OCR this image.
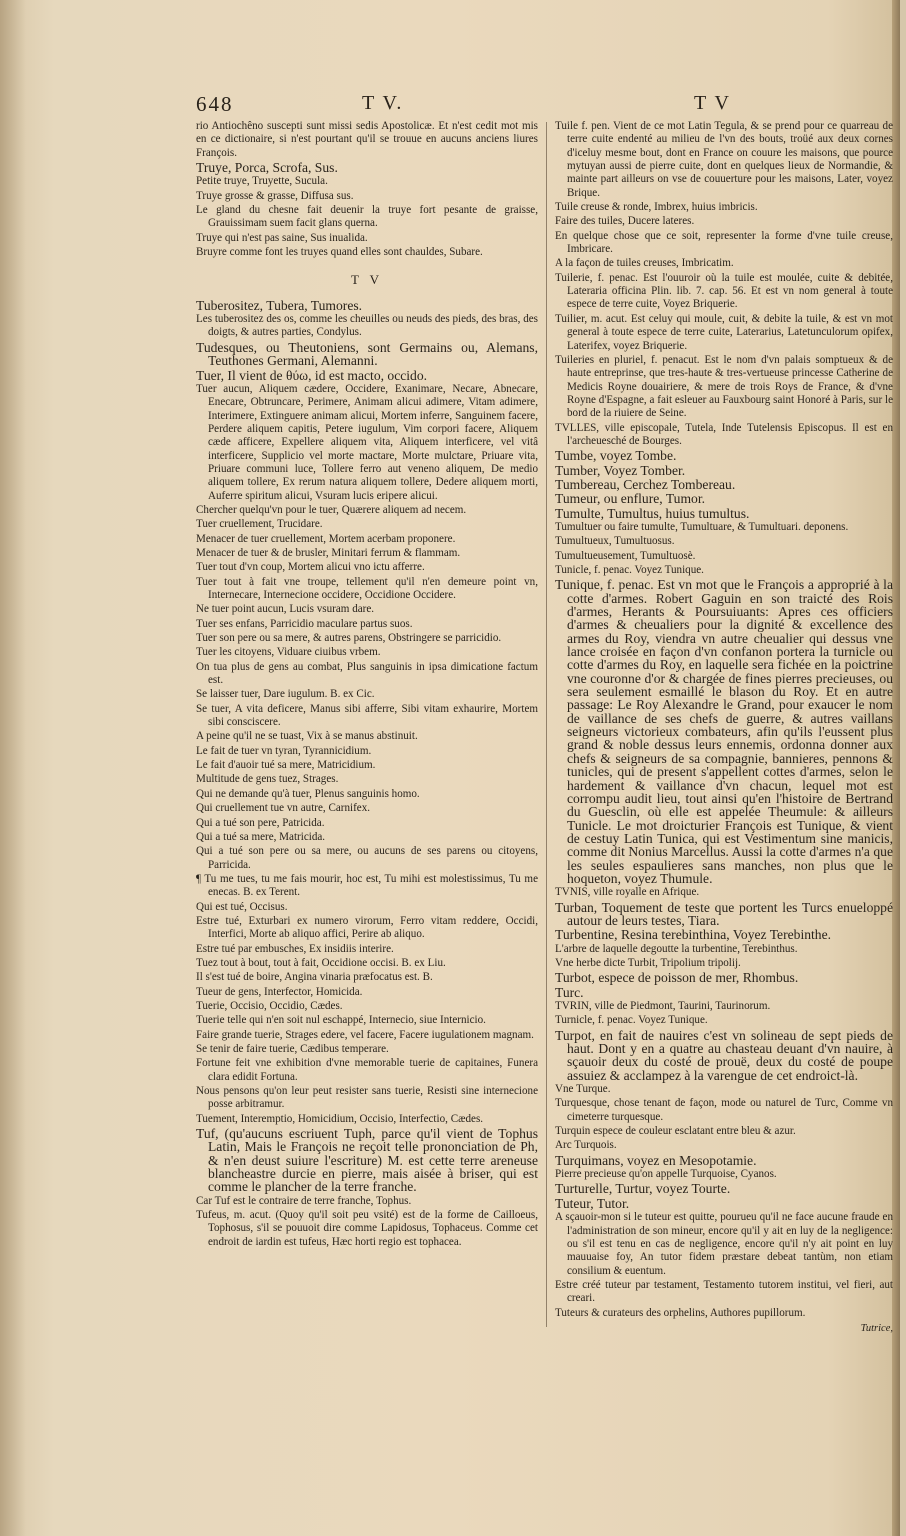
648	T V.	T V

rio Antiochêno suscepti sunt missi sedis Apostolicæ. Et n'est cedit mot mis en ce dictionaire, si n'est pourtant qu'il se trouue en aucuns anciens liures François.

Truye, Porca, Scrofa, Sus.

Petite truye, Truyette, Sucula.

Truye grosse & grasse, Diffusa sus.

Le gland du chesne fait deuenir la truye fort pesante de graisse, Grauissimam suem facit glans querna.

Truye qui n'est pas saine, Sus inualida.

Bruyre comme font les truyes quand elles sont chauldes, Subare.

T V

Tuberositez, Tubera, Tumores.

Les tuberositez des os, comme les cheuilles ou neuds des pieds, des bras, des doigts, & autres parties, Condylus.

Tudesques, ou Theutoniens, sont Germains ou, Alemans, Teuthones Germani, Alemanni.

Tuer, Il vient de θύω, id est mactο, occido.

Tuer aucun, Aliquem cædere, Occidere, Exanimare, Necare, Abnecare, Enecare, Obtruncare, Perimere, Animam alicui adimere, Vitam adimere, Interimere, Extinguere animam alicui, Mortem inferre, Sanguinem facere, Perdere aliquem capitis, Petere iugulum, Vim corpori facere, Aliquem cæde afficere, Expellere aliquem vita, Aliquem interficere, vel vitâ interficere, Supplicio vel morte mactare, Morte mulctare, Priuare vita, Priuare communi luce, Tollere ferro aut veneno aliquem, De medio aliquem tollere, Ex rerum natura aliquem tollere, Dedere aliquem morti, Auferre spiritum alicui, Vsuram lucis eripere alicui.

Chercher quelqu'vn pour le tuer, Quærere aliquem ad necem.

Tuer cruellement, Trucidare.

Menacer de tuer cruellement, Mortem acerbam proponere.

Menacer de tuer & de brusler, Minitari ferrum & flammam.

Tuer tout d'vn coup, Mortem alicui vno ictu afferre.

Tuer tout à fait vne troupe, tellement qu'il n'en demeure point vn, Internecare, Internecione occidere, Occidione Occidere.

Ne tuer point aucun, Lucis vsuram dare.

Tuer ses enfans, Parricidio maculare partus suos.

Tuer son pere ou sa mere, & autres parens, Obstringere se parricidio.

Tuer les citoyens, Viduare ciuibus vrbem.

On tua plus de gens au combat, Plus sanguinis in ipsa dimicatione factum est.

Se laisser tuer, Dare iugulum. B. ex Cic.

Se tuer, A vita deficere, Manus sibi afferre, Sibi vitam exhaurire, Mortem sibi consciscere.

A peine qu'il ne se tuast, Vix à se manus abstinuit.

Le fait de tuer vn tyran, Tyrannicidium.

Le fait d'auoir tué sa mere, Matricidium.

Multitude de gens tuez, Strages.

Qui ne demande qu'à tuer, Plenus sanguinis homo.

Qui cruellement tue vn autre, Carnifex.

Qui a tué son pere, Patricida.

Qui a tué sa mere, Matricida.

Qui a tué son pere ou sa mere, ou aucuns de ses parens ou citoyens, Parricida.

¶ Tu me tues, tu me fais mourir, hoc est, Tu mihi est molestissimus, Tu me enecas. B. ex Terent.

Qui est tué, Occisus.

Estre tué, Exturbari ex numero virorum, Ferro vitam reddere, Occidi, Interfici, Morte ab aliquo affici, Perire ab aliquo.

Estre tué par embusches, Ex insidiis interire.

Tuez tout à bout, tout à fait, Occidione occisi. B. ex Liu.

Il s'est tué de boire, Angina vinaria præfocatus est. B.

Tueur de gens, Interfector, Homicida.

Tuerie, Occisio, Occidio, Cædes.

Tuerie telle qui n'en soit nul eschappé, Internecio, siue Internicio.

Faire grande tuerie, Strages edere, vel facere, Facere iugulationem magnam.

Se tenir de faire tuerie, Cædibus temperare.

Fortune feit vne exhibition d'vne memorable tuerie de capitaines, Funera clara edidit Fortuna.

Nous pensons qu'on leur peut resister sans tuerie, Resisti sine internecione posse arbitramur.

Tuement, Interemptio, Homicidium, Occisio, Interfectio, Cædes.

Tuf, (qu'aucuns escriuent Tuph, parce qu'il vient de Tophus Latin, Mais le François ne reçoit telle prononciation de Ph, & n'en deust suiure l'escriture) M. est cette terre areneuse blancheastre durcie en pierre, mais aisée à briser, qui est comme le plancher de la terre franche.

Car Tuf est le contraire de terre franche, Tophus.

Tufeus, m. acut. (Quoy qu'il soit peu vsité) est de la forme de Cailloeus, Tophosus, s'il se pouuoit dire comme Lapidosus, Tophaceus. Comme cet endroit de iardin est tufeus, Hæc horti regio est tophacea.

Tuile f. pen. Vient de ce mot Latin Tegula, & se prend pour ce quarreau de terre cuite endenté au milieu de l'vn des bouts, troüé aux deux cornes d'iceluy mesme bout, dont en France on couure les maisons, que pource mytuyan aussi de pierre cuite, dont en quelques lieux de Normandie, & mainte part ailleurs on vse de couuerture pour les maisons, Later, voyez Brique.

Tuile creuse & ronde, Imbrex, huius imbricis.

Faire des tuiles, Ducere lateres.

En quelque chose que ce soit, representer la forme d'vne tuile creuse, Imbricare.

A la façon de tuiles creuses, Imbricatim.

Tuilerie, f. penac. Est l'ouuroir où la tuile est moulée, cuite & debitée, Lateraria officina Plin. lib. 7. cap. 56. Et est vn nom general à toute espece de terre cuite, Voyez Briquerie.

Tuilier, m. acut. Est celuy qui moule, cuit, & debite la tuile, & est vn mot general à toute espece de terre cuite, Laterarius, Latetunculorum opifex, Laterifex, voyez Briquerie.

Tuileries en pluriel, f. penacut. Est le nom d'vn palais somptueux & de haute entreprinse, que tres-haute & tres-vertueuse princesse Catherine de Medicis Royne douairiere, & mere de trois Roys de France, & d'vne Royne d'Espagne, a fait esleuer au Fauxbourg saint Honoré à Paris, sur le bord de la riuiere de Seine.

TVLLES, ville episcopale, Tutela, Inde Tutelensis Episcopus. Il est en l'archeuesché de Bourges.

Tumbe, voyez Tombe.

Tumber, Voyez Tomber.

Tumbereau, Cerchez Tombereau.

Tumeur, ou enflure, Tumor.

Tumulte, Tumultus, huius tumultus.

Tumultuer ou faire tumulte, Tumultuare, & Tumultuari. deponens.

Tumultueux, Tumultuosus.

Tumultueusement, Tumultuosè.

Tunicle, f. penac. Voyez Tunique.

Tunique, f. penac. Est vn mot que le François a approprié à la cotte d'armes. Robert Gaguin en son traicté des Rois d'armes, Herants & Poursuiuants: Apres ces officiers d'armes & cheualiers pour la dignité & excellence des armes du Roy, viendra vn autre cheualier qui dessus vne lance croisée en façon d'vn confanon portera la turnicle ou cotte d'armes du Roy, en laquelle sera fichée en la poictrine vne couronne d'or & chargée de fines pierres precieuses, ou sera seulement esmaillé le blason du Roy. Et en autre passage: Le Roy Alexandre le Grand, pour exaucer le nom de vaillance de ses chefs de guerre, & autres vaillans seigneurs victorieux combateurs, afin qu'ils l'eussent plus grand & noble dessus leurs ennemis, ordonna donner aux chefs & seigneurs de sa compagnie, bannieres, pennons & tunicles, qui de present s'appellent cottes d'armes, selon le hardement & vaillance d'vn chacun, lequel mot est corrompu audit lieu, tout ainsi qu'en l'histoire de Bertrand du Guesclin, où elle est appelée Theumule: & ailleurs Tunicle. Le mot droicturier François est Tunique, & vient de cestuy Latin Tunica, qui est Vestimentum sine manicis, comme dit Nonius Marcellus. Aussi la cotte d'armes n'a que les seules espaulieres sans manches, non plus que le hoqueton, voyez Thumule.

TVNIS, ville royalle en Afrique.

Turban, Toquement de teste que portent les Turcs enueloppé autour de leurs testes, Tiara.

Turbentine, Resina terebinthina, Voyez Terebinthe.

L'arbre de laquelle degoutte la turbentine, Terebinthus.

Vne herbe dicte Turbit, Tripolium tripolij.

Turbot, espece de poisson de mer, Rhombus.

Turc.

TVRIN, ville de Piedmont, Taurini, Taurinorum.

Turnicle, f. penac. Voyez Tunique.

Turpot, en fait de nauires c'est vn solineau de sept pieds de haut. Dont y en a quatre au chasteau deuant d'vn nauire, à sçauoir deux du costé de prouë, deux du costé de poupe assuiez & acclampez à la varengue de cet endroict-là.

Vne Turque.

Turquesque, chose tenant de façon, mode ou naturel de Turc, Comme vn cimeterre turquesque.

Turquin espece de couleur esclatant entre bleu & azur.

Arc Turquois.

Turquimans, voyez en Mesopotamie.

Pierre precieuse qu'on appelle Turquoise, Cyanos.

Turturelle, Turtur, voyez Tourte.

Tuteur, Tutor.

A sçauoir-mon si le tuteur est quitte, pourueu qu'il ne face aucune fraude en l'administration de son mineur, encore qu'il y ait en luy de la negligence: ou s'il est tenu en cas de negligence, encore qu'il n'y ait point en luy mauuaise foy, An tutor fidem præstare debeat tantùm, non etiam consilium & euentum.

Estre créé tuteur par testament, Testamento tutorem institui, vel fieri, aut creari.

Tuteurs & curateurs des orphelins, Authores pupillorum.

Tutrice,
